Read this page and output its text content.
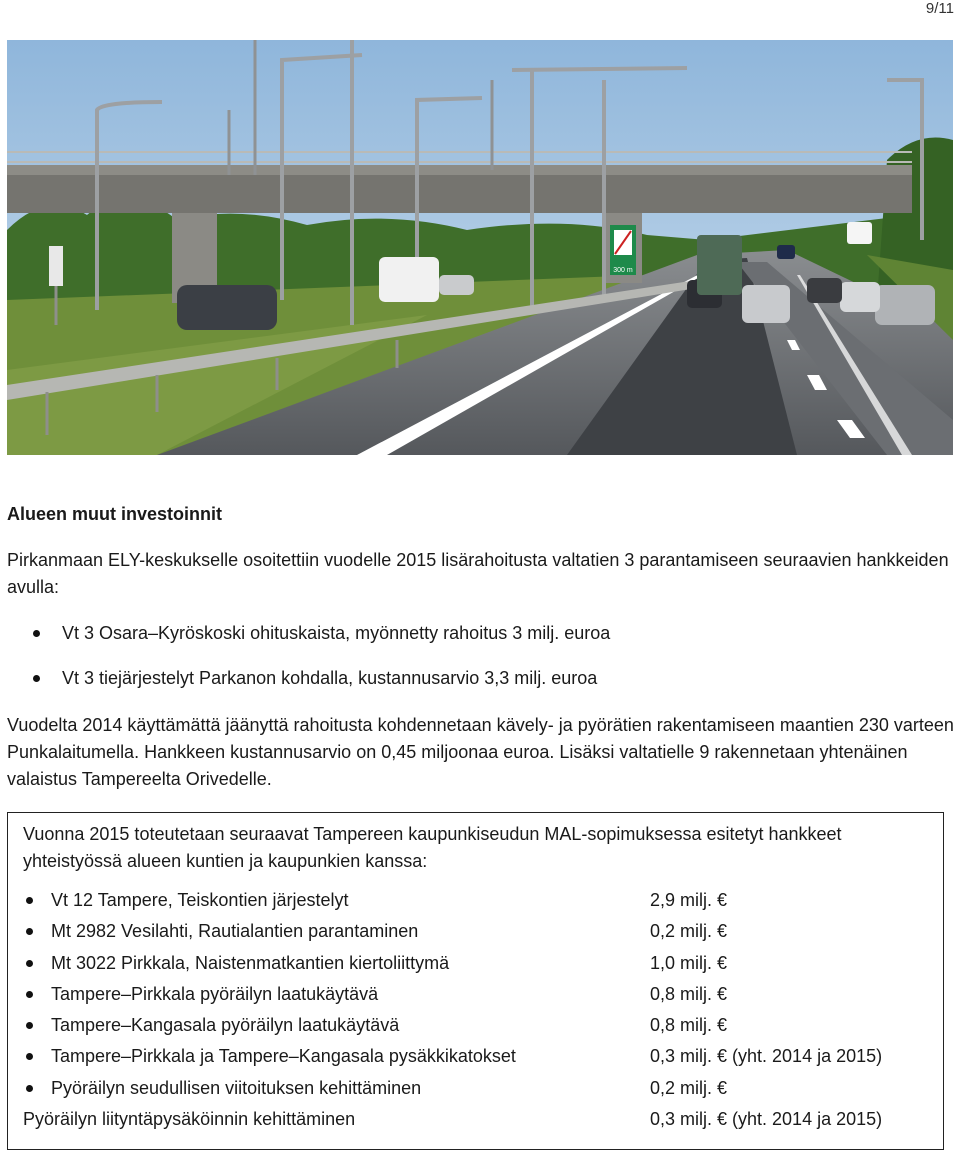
9/11
300 m
Alueen muut investoinnit

Pirkanmaan ELY-keskukselle osoitettiin vuodelle 2015 lisärahoitusta valtatien 3 parantamiseen seuraavien hankkeiden avulla:

Vt 3 Osara–Kyröskoski ohituskaista, myönnetty rahoitus 3 milj. euroa
Vt 3 tiejärjestelyt Parkanon kohdalla, kustannusarvio 3,3 milj. euroa

Vuodelta 2014 käyttämättä jäänyttä rahoitusta kohdennetaan kävely- ja pyörätien rakentamiseen maantien 230 varteen Punkalaitumella. Hankkeen kustannusarvio on 0,45 miljoonaa euroa. Lisäksi valtatielle 9 rakennetaan yhtenäinen valaistus Tampereelta Orivedelle.

Vuonna 2015 toteutetaan seuraavat Tampereen kaupunkiseudun MAL-sopimuksessa esitetyt hankkeet yhteistyössä alueen kuntien ja kaupunkien kanssa:

Vt 12 Tampere, Teiskontien järjestelyt	2,9 milj. €
Mt 2982 Vesilahti, Rautialantien parantaminen	0,2 milj. €
Mt 3022 Pirkkala, Naistenmatkantien kiertoliittymä	1,0 milj. €
Tampere–Pirkkala pyöräilyn laatukäytävä	0,8 milj. €
Tampere–Kangasala pyöräilyn laatukäytävä	0,8 milj. €
Tampere–Pirkkala ja Tampere–Kangasala pysäkkikatokset	0,3 milj. € (yht. 2014 ja 2015)
Pyöräilyn seudullisen viitoituksen kehittäminen	0,2 milj. €
Pyöräilyn liityntäpysäköinnin kehittäminen	0,3 milj. € (yht. 2014 ja 2015)
